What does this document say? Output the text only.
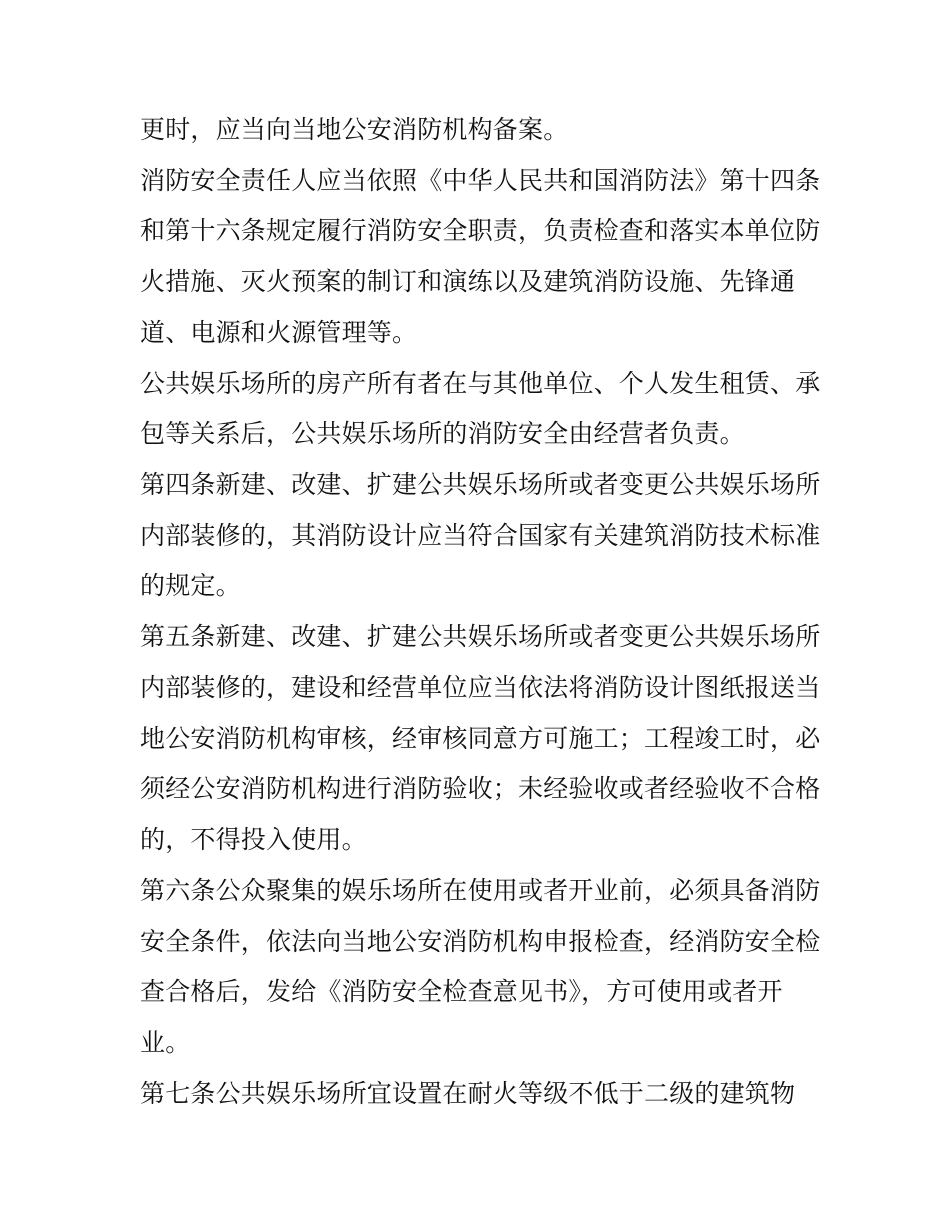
更时，应当向当地公安消防机构备案。
消防安全责任人应当依照《中华人民共和国消防法》第十四条
和第十六条规定履行消防安全职责，负责检查和落实本单位防
火措施、灭火预案的制订和演练以及建筑消防设施、先锋通
道、电源和火源管理等。
公共娱乐场所的房产所有者在与其他单位、个人发生租赁、承
包等关系后，公共娱乐场所的消防安全由经营者负责。
第四条新建、改建、扩建公共娱乐场所或者变更公共娱乐场所
内部装修的，其消防设计应当符合国家有关建筑消防技术标准
的规定。
第五条新建、改建、扩建公共娱乐场所或者变更公共娱乐场所
内部装修的，建设和经营单位应当依法将消防设计图纸报送当
地公安消防机构审核，经审核同意方可施工；工程竣工时，必
须经公安消防机构进行消防验收；未经验收或者经验收不合格
的，不得投入使用。
第六条公众聚集的娱乐场所在使用或者开业前，必须具备消防
安全条件，依法向当地公安消防机构申报检查，经消防安全检
查合格后，发给《消防安全检查意见书》，方可使用或者开
业。
第七条公共娱乐场所宜设置在耐火等级不低于二级的建筑物
